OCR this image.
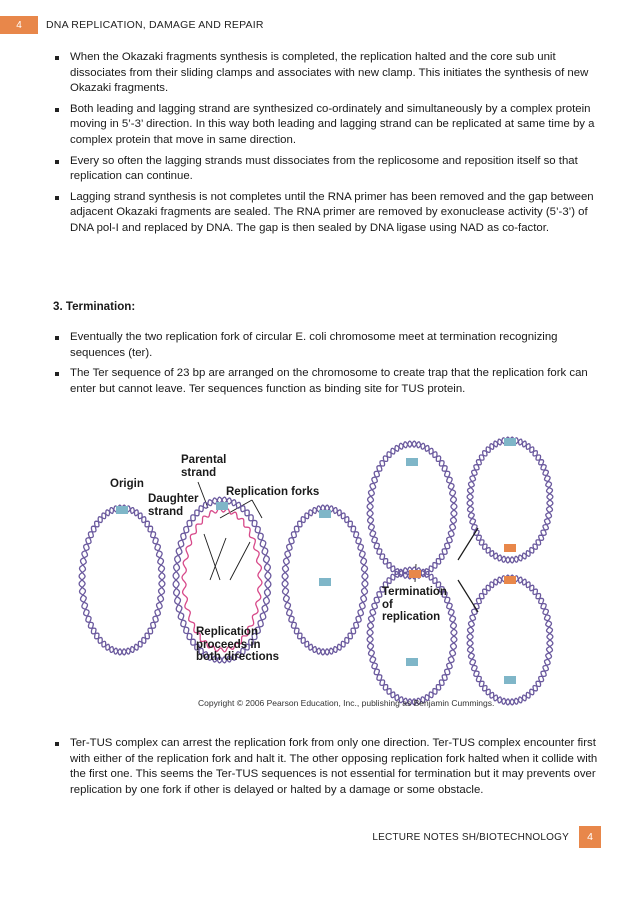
4	DNA REPLICATION, DAMAGE AND REPAIR
When the Okazaki fragments synthesis is completed, the replication halted and the core sub unit dissociates from their sliding clamps and associates with new clamp. This initiates the synthesis of new Okazaki fragments.
Both leading and lagging strand are synthesized co-ordinately and simultaneously by a complex protein moving in 5’-3’ direction. In this way both leading and lagging strand can be replicated at same time by a complex protein that move in same direction.
Every so often the lagging strands must dissociates from the replicosome and reposition itself so that replication can continue.
Lagging strand synthesis is not completes until the RNA primer has been removed and the gap between adjacent Okazaki fragments are sealed. The RNA primer are removed by exonuclease activity (5’-3’) of DNA pol-I and replaced by DNA. The gap is then sealed by DNA ligase using NAD as co-factor.
3. Termination:
Eventually the two replication fork of circular E. coli chromosome meet at termination recognizing sequences (ter).
The Ter sequence of 23 bp are arranged on the chromosome to create trap that the replication fork can enter but cannot leave. Ter sequences function as binding site for TUS protein.
Origin
Parental strand
Daughter strand
Replication forks
Replication proceeds in both directions
Termination of replication
Copyright © 2006 Pearson Education, Inc., publishing as Benjamin Cummings.
Ter-TUS complex can arrest the replication fork from only one direction. Ter-TUS complex encounter first with either of the replication fork and halt it. The other opposing replication fork halted when it collide with the first one. This seems the Ter-TUS sequences is not essential for termination but it may prevents over replication by one fork if other is delayed or halted by a damage or some obstacle.
LECTURE NOTES SH/BIOTECHNOLOGY	4
